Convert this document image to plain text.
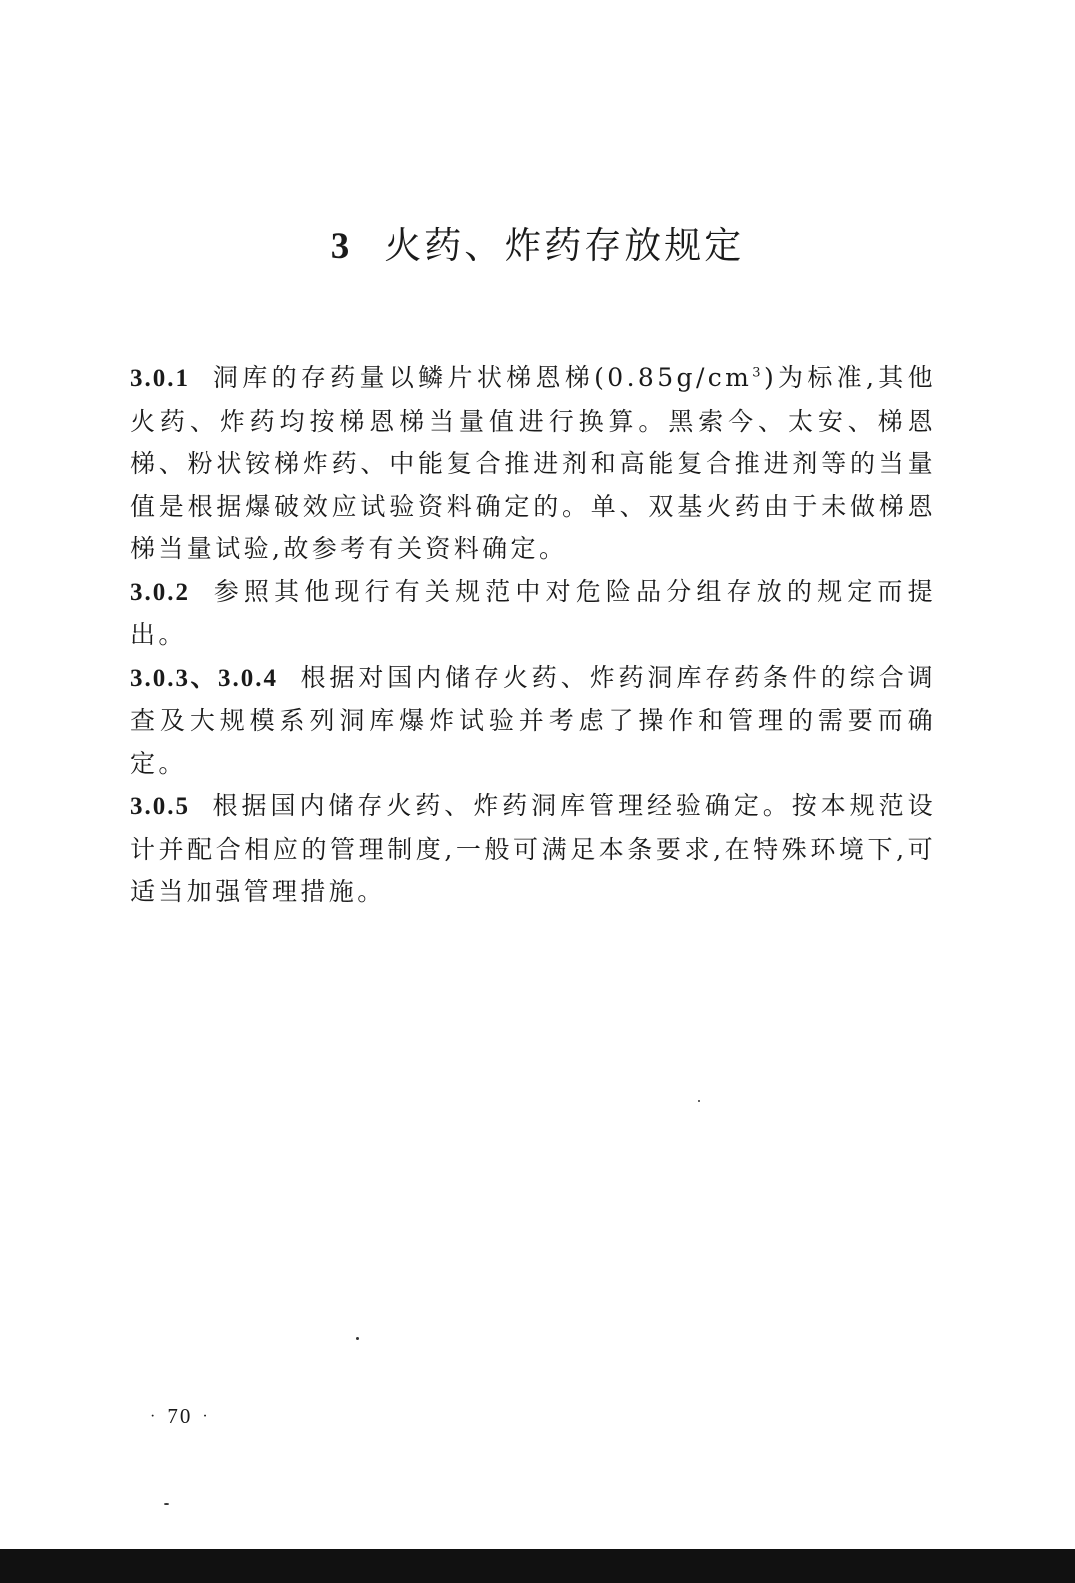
3 火药、炸药存放规定

3.0.1 洞库的存药量以鳞片状梯恩梯$(0.85g/cm^3)$为标准,其他火药、炸药均按梯恩梯当量值进行换算。黑索今、太安、梯恩梯、粉状铵梯炸药、中能复合推进剂和高能复合推进剂等的当量值是根据爆破效应试验资料确定的。单、双基火药由于未做梯恩梯当量试验,故参考有关资料确定。

3.0.2 参照其他现行有关规范中对危险品分组存放的规定而提出。

3.0.3、3.0.4 根据对国内储存火药、炸药洞库存药条件的综合调查及大规模系列洞库爆炸试验并考虑了操作和管理的需要而确定。

3.0.5 根据国内储存火药、炸药洞库管理经验确定。按本规范设计并配合相应的管理制度,一般可满足本条要求,在特殊环境下,可适当加强管理措施。

· 70 ·
